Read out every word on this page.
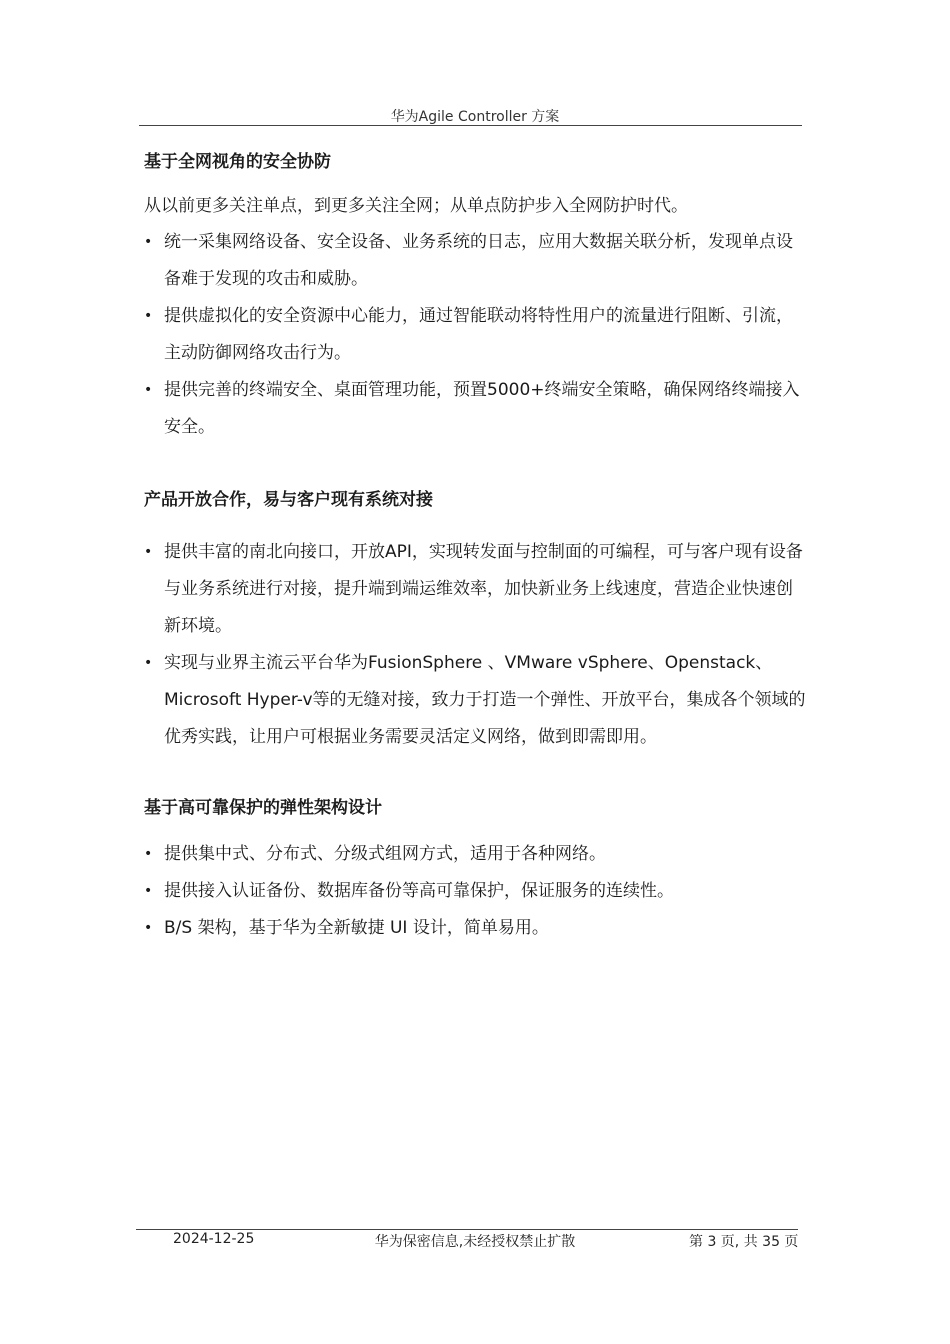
华为Agile Controller 方案
基于全网视角的安全协防

从以前更多关注单点，到更多关注全网；从单点防护步入全网防护时代。

• 统一采集网络设备、安全设备、业务系统的日志，应用大数据关联分析，发现单点设备难于发现的攻击和威胁。
• 提供虚拟化的安全资源中心能力，通过智能联动将特性用户的流量进行阻断、引流，主动防御网络攻击行为。
• 提供完善的终端安全、桌面管理功能，预置5000+终端安全策略，确保网络终端接入安全。
产品开放合作，易与客户现有系统对接
• 提供丰富的南北向接口，开放API，实现转发面与控制面的可编程，可与客户现有设备与业务系统进行对接，提升端到端运维效率，加快新业务上线速度，营造企业快速创新环境。
• 实现与业界主流云平台华为FusionSphere 、VMware vSphere、Openstack、Microsoft Hyper-v等的无缝对接，致力于打造一个弹性、开放平台，集成各个领域的优秀实践，让用户可根据业务需要灵活定义网络，做到即需即用。
基于高可靠保护的弹性架构设计
• 提供集中式、分布式、分级式组网方式，适用于各种网络。
• 提供接入认证备份、数据库备份等高可靠保护，保证服务的连续性。
• B/S 架构，基于华为全新敏捷 UI 设计，简单易用。
2024-12-25	华为保密信息,未经授权禁止扩散	第 3 页, 共 35 页
